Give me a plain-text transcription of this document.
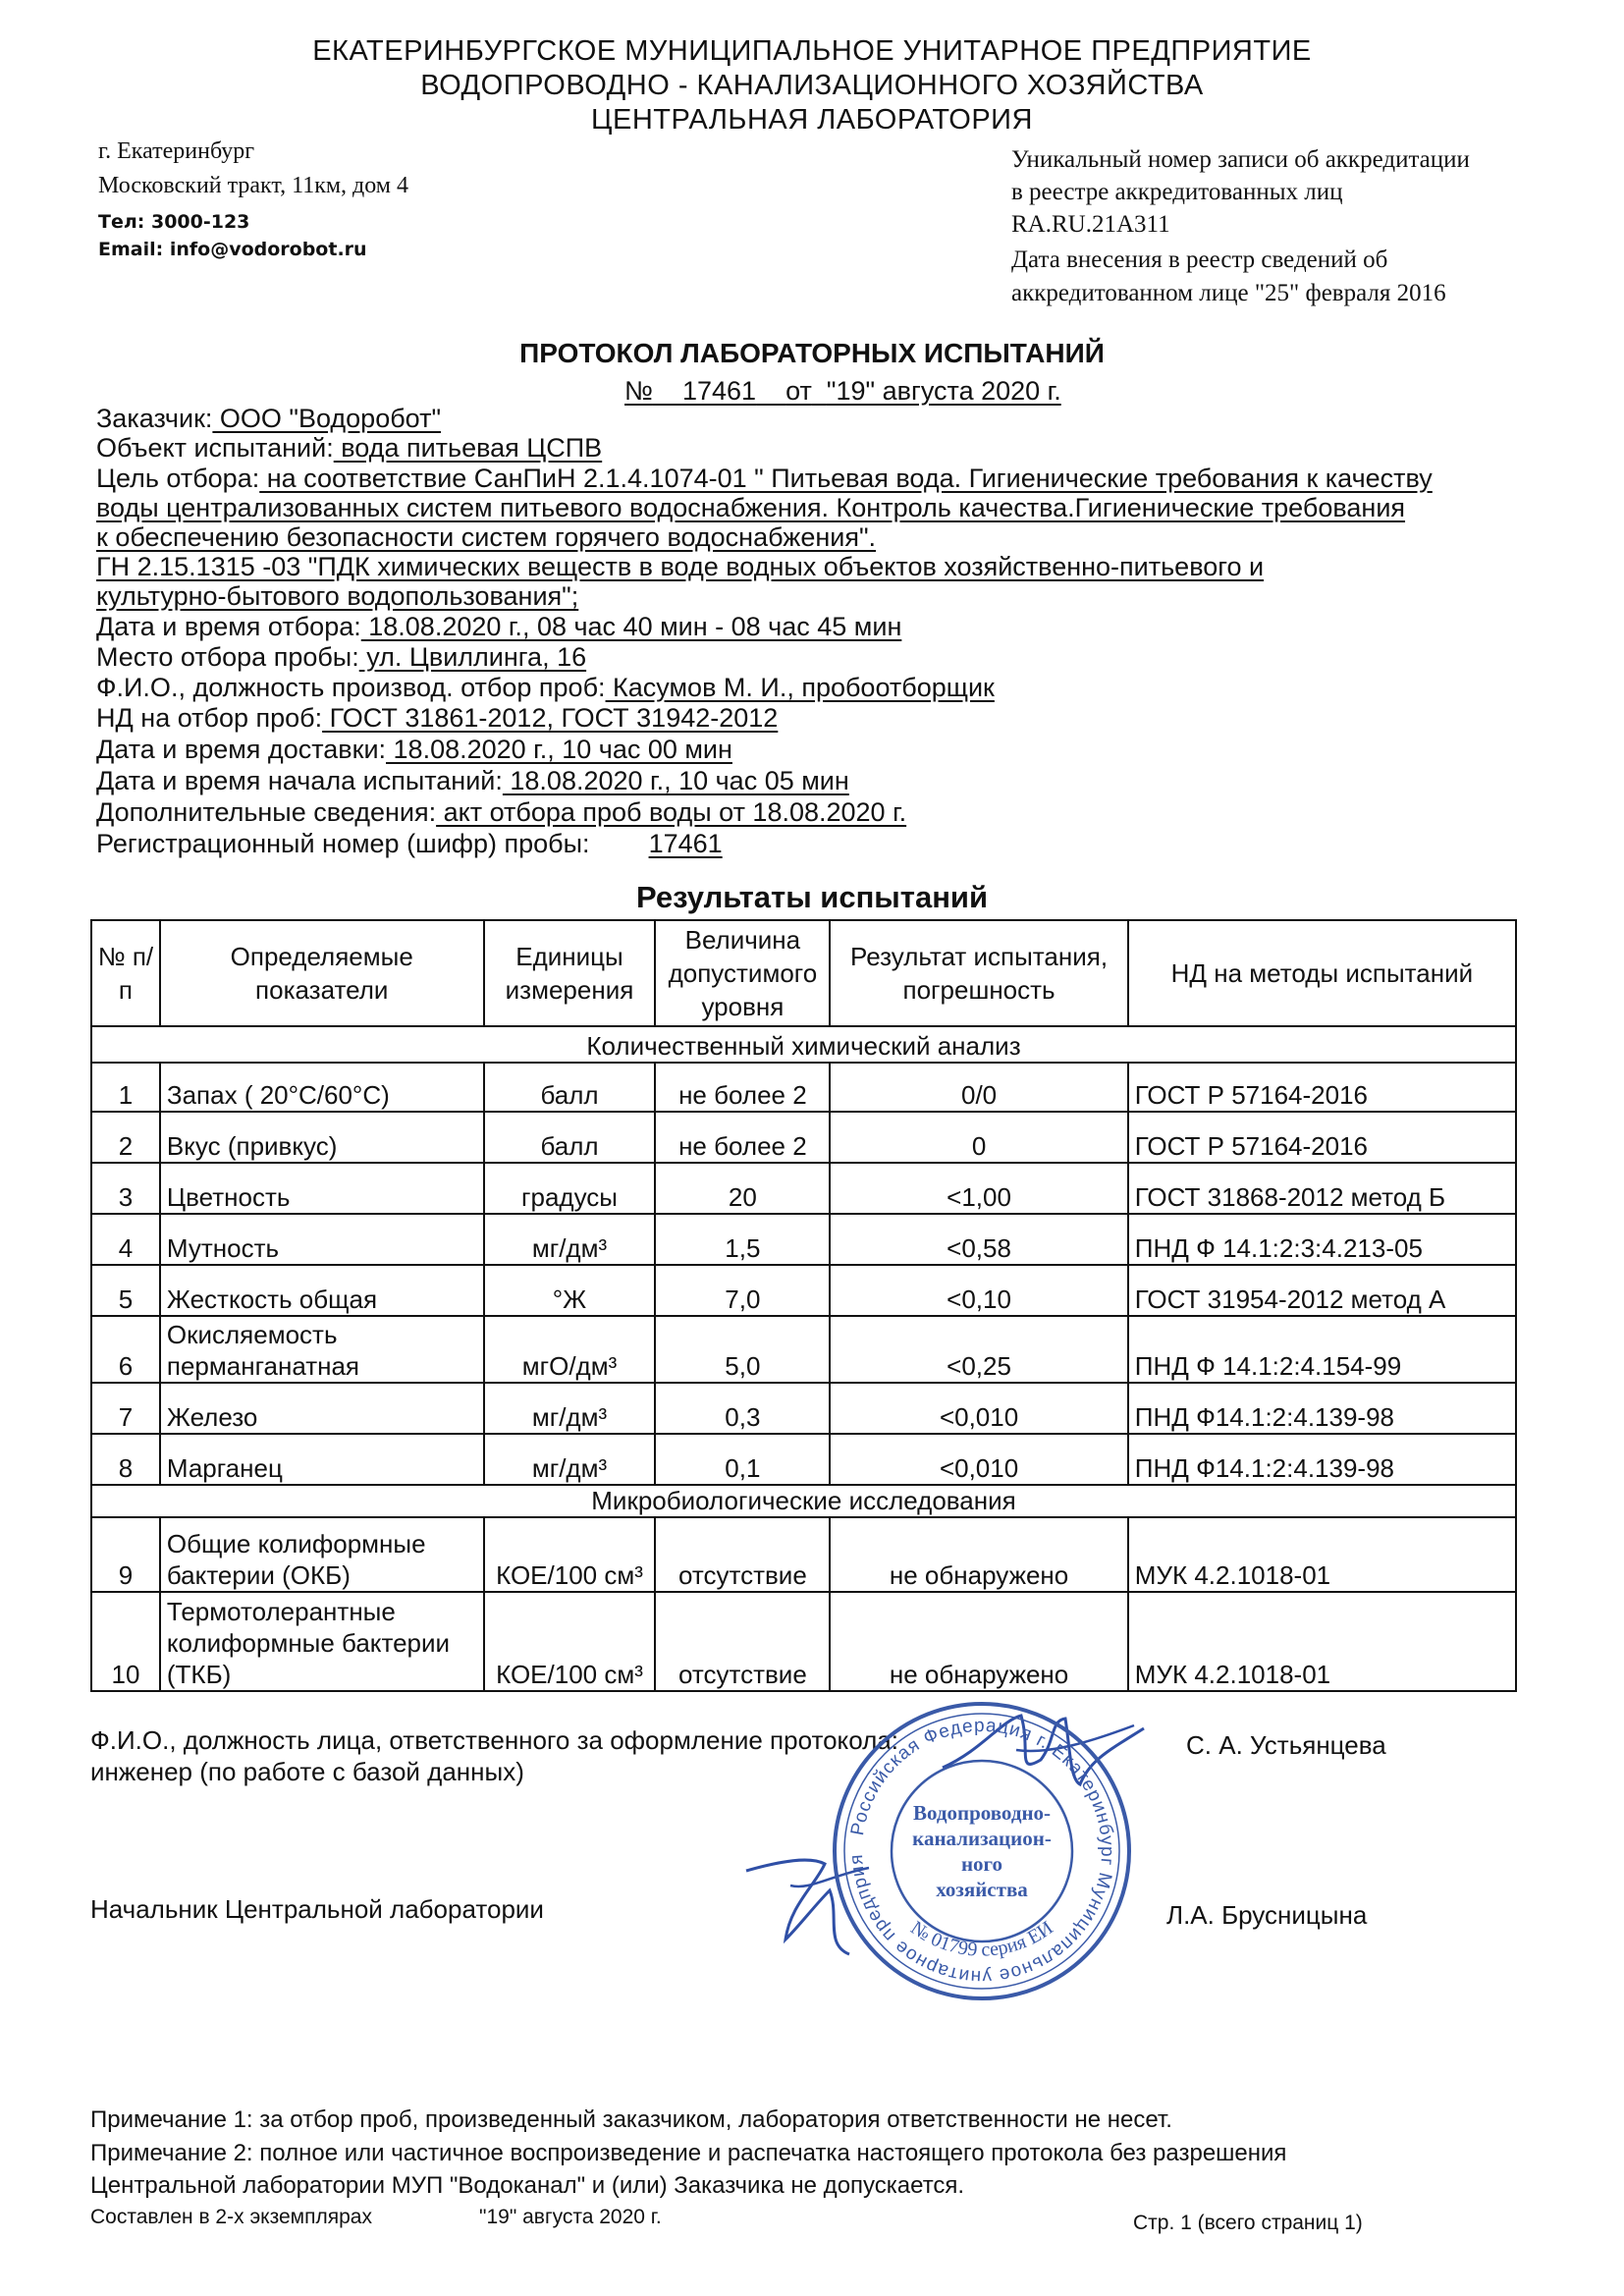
ЕКАТЕРИНБУРГСКОЕ МУНИЦИПАЛЬНОЕ УНИТАРНОЕ ПРЕДПРИЯТИЕ
ВОДОПРОВОДНО - КАНАЛИЗАЦИОННОГО ХОЗЯЙСТВА
ЦЕНТРАЛЬНАЯ ЛАБОРАТОРИЯ
г. Екатеринбург
Московский тракт, 11км, дом 4
Тел: 3000-123
Email: info@vodorobot.ru
Уникальный номер записи об аккредитации
в реестре аккредитованных лиц
RA.RU.21A311
Дата внесения в реестр сведений об
аккредитованном лице "25" февраля 2016
ПРОТОКОЛ ЛАБОРАТОРНЫХ ИСПЫТАНИЙ
№ 17461 от "19" августа 2020 г.
Заказчик: ООО "Водоробот"
Объект испытаний: вода питьевая ЦСПВ
Цель отбора: на соответствие СанПиН 2.1.4.1074-01 " Питьевая вода. Гигиенические требования к качеству
воды централизованных систем питьевого водоснабжения. Контроль качества.Гигиенические требования
к обеспечению безопасности систем горячего водоснабжения".
ГН 2.15.1315 -03 "ПДК химических веществ в воде водных объектов хозяйственно-питьевого и
культурно-бытового водопользования";
Дата и время отбора: 18.08.2020 г., 08 час 40 мин - 08 час 45 мин
Место отбора пробы: ул. Цвиллинга, 16
Ф.И.О., должность производ. отбор проб: Касумов М. И., пробоотборщик
НД на отбор проб: ГОСТ 31861-2012, ГОСТ 31942-2012
Дата и время доставки: 18.08.2020 г., 10 час 00 мин
Дата и время начала испытаний: 18.08.2020 г., 10 час 05 мин
Дополнительные сведения: акт отбора проб воды от 18.08.2020 г.
Регистрационный номер (шифр) пробы: 17461
Результаты испытаний
№ п/п	Определяемые показатели	Единицы измерения	Величина допустимого уровня	Результат испытания, погрешность	НД на методы испытаний
Количественный химический анализ					
1	Запах ( 20°С/60°С)	балл	не более 2	0/0	ГОСТ Р 57164-2016
2	Вкус (привкус)	балл	не более 2	0	ГОСТ Р 57164-2016
3	Цветность	градусы	20	<1,00	ГОСТ 31868-2012 метод Б
4	Мутность	мг/дм³	1,5	<0,58	ПНД Ф 14.1:2:3:4.213-05
5	Жесткость общая	°Ж	7,0	<0,10	ГОСТ 31954-2012 метод А
6	Окисляемость перманганатная	мгО/дм³	5,0	<0,25	ПНД Ф 14.1:2:4.154-99
7	Железо	мг/дм³	0,3	<0,010	ПНД Ф14.1:2:4.139-98
8	Марганец	мг/дм³	0,1	<0,010	ПНД Ф14.1:2:4.139-98
Микробиологические исследования					
9	Общие колиформные бактерии (ОКБ)	КОЕ/100 см³	отсутствие	не обнаружено	МУК 4.2.1018-01
10	Термотолерантные колиформные бактерии (ТКБ)	КОЕ/100 см³	отсутствие	не обнаружено	МУК 4.2.1018-01
Ф.И.О., должность лица, ответственного за оформление протокола:
инженер (по работе с базой данных)
С. А. Устьянцева
Начальник Центральной лаборатории	Л.А. Брусницына
Российская Федерация г. Екатеринбург Муниципальное унитарное предприя
№ 01799 серия ЕИ
Водопроводно-
канализацион-
ного
хозяйства
Примечание 1: за отбор проб, произведенный заказчиком, лаборатория ответственности не несет.
Примечание 2: полное или частичное воспроизведение и распечатка настоящего протокола без разрешения
Центральной лаборатории МУП "Водоканал" и (или) Заказчика не допускается.
Составлен в 2-х экземплярах	"19" августа 2020 г.	Стр. 1 (всего страниц 1)
